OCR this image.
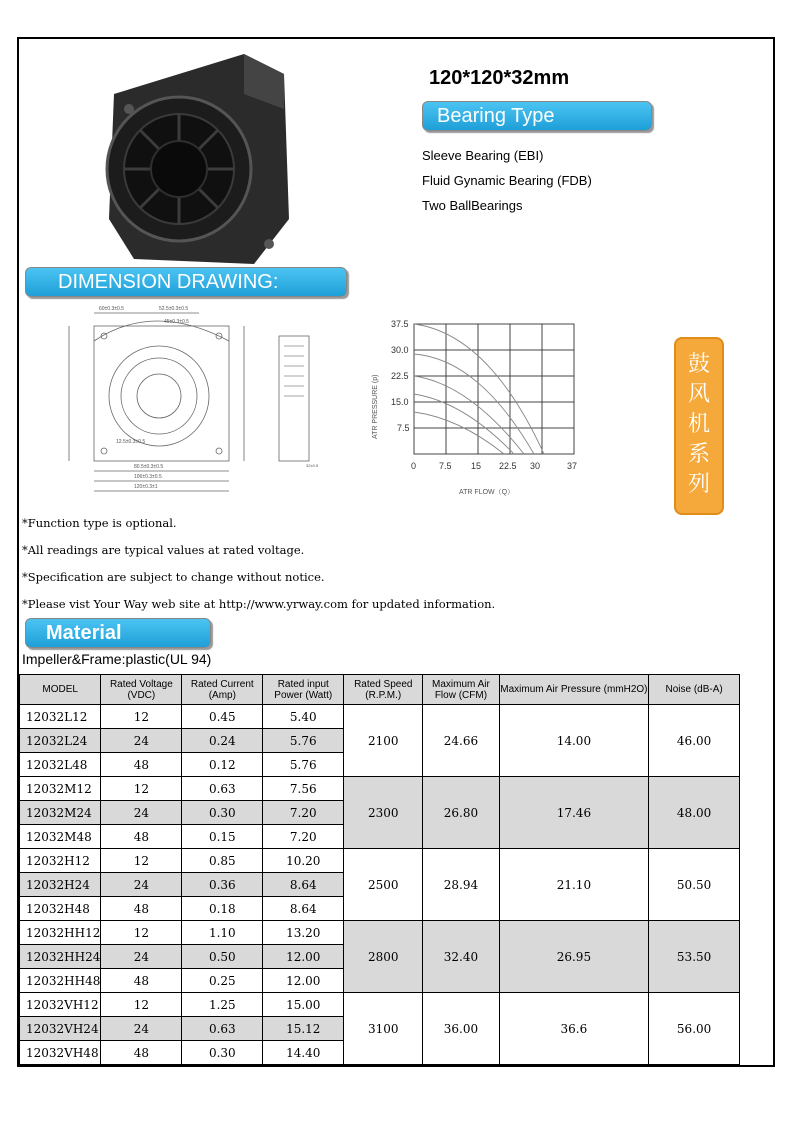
120*120*32mm
Bearing Type
Sleeve Bearing (EBI)
Fluid Gynamic Bearing (FDB)
Two BallBearings
DIMENSION DRAWING:
60±0.3±0.5	52.5±0.3±0.5
45±0.3±0.5
80.5±0.3±0.5
106±0.3±0.5
120±0.3±1
12.5±0.3±0.5
32±0.5
37.5
30.0
22.5
15.0
7.5
0	7.5 15 22.5 30	37
ATR FLOW（Q）
ATR PRESSURE (p)
鼓
风
机
系
列
*Function type is optional.
*All readings are typical values at rated voltage.
*Specification are subject to change without notice.
*Please vist Your Way web site at http://www.yrway.com for updated information.
Material
Impeller&Frame:plastic(UL 94)
MODEL	Rated Voltage (VDC)	Rated Current (Amp)	Rated input Power (Watt)	Rated Speed (R.P.M.)	Maximum Air Flow (CFM)	Maximum Air Pressure (mmH2O)	Noise (dB-A)
12032L12	12	0.45	5.40	2100	24.66	14.00	46.00
12032L24	24	0.24	5.76				
12032L48	48	0.12	5.76				
12032M12	12	0.63	7.56	2300	26.80	17.46	48.00
12032M24	24	0.30	7.20				
12032M48	48	0.15	7.20				
12032H12	12	0.85	10.20	2500	28.94	21.10	50.50
12032H24	24	0.36	8.64				
12032H48	48	0.18	8.64				
12032HH12	12	1.10	13.20	2800	32.40	26.95	53.50
12032HH24	24	0.50	12.00				
12032HH48	48	0.25	12.00				
12032VH12	12	1.25	15.00	3100	36.00	36.6	56.00
12032VH24	24	0.63	15.12				
12032VH48	48	0.30	14.40				
